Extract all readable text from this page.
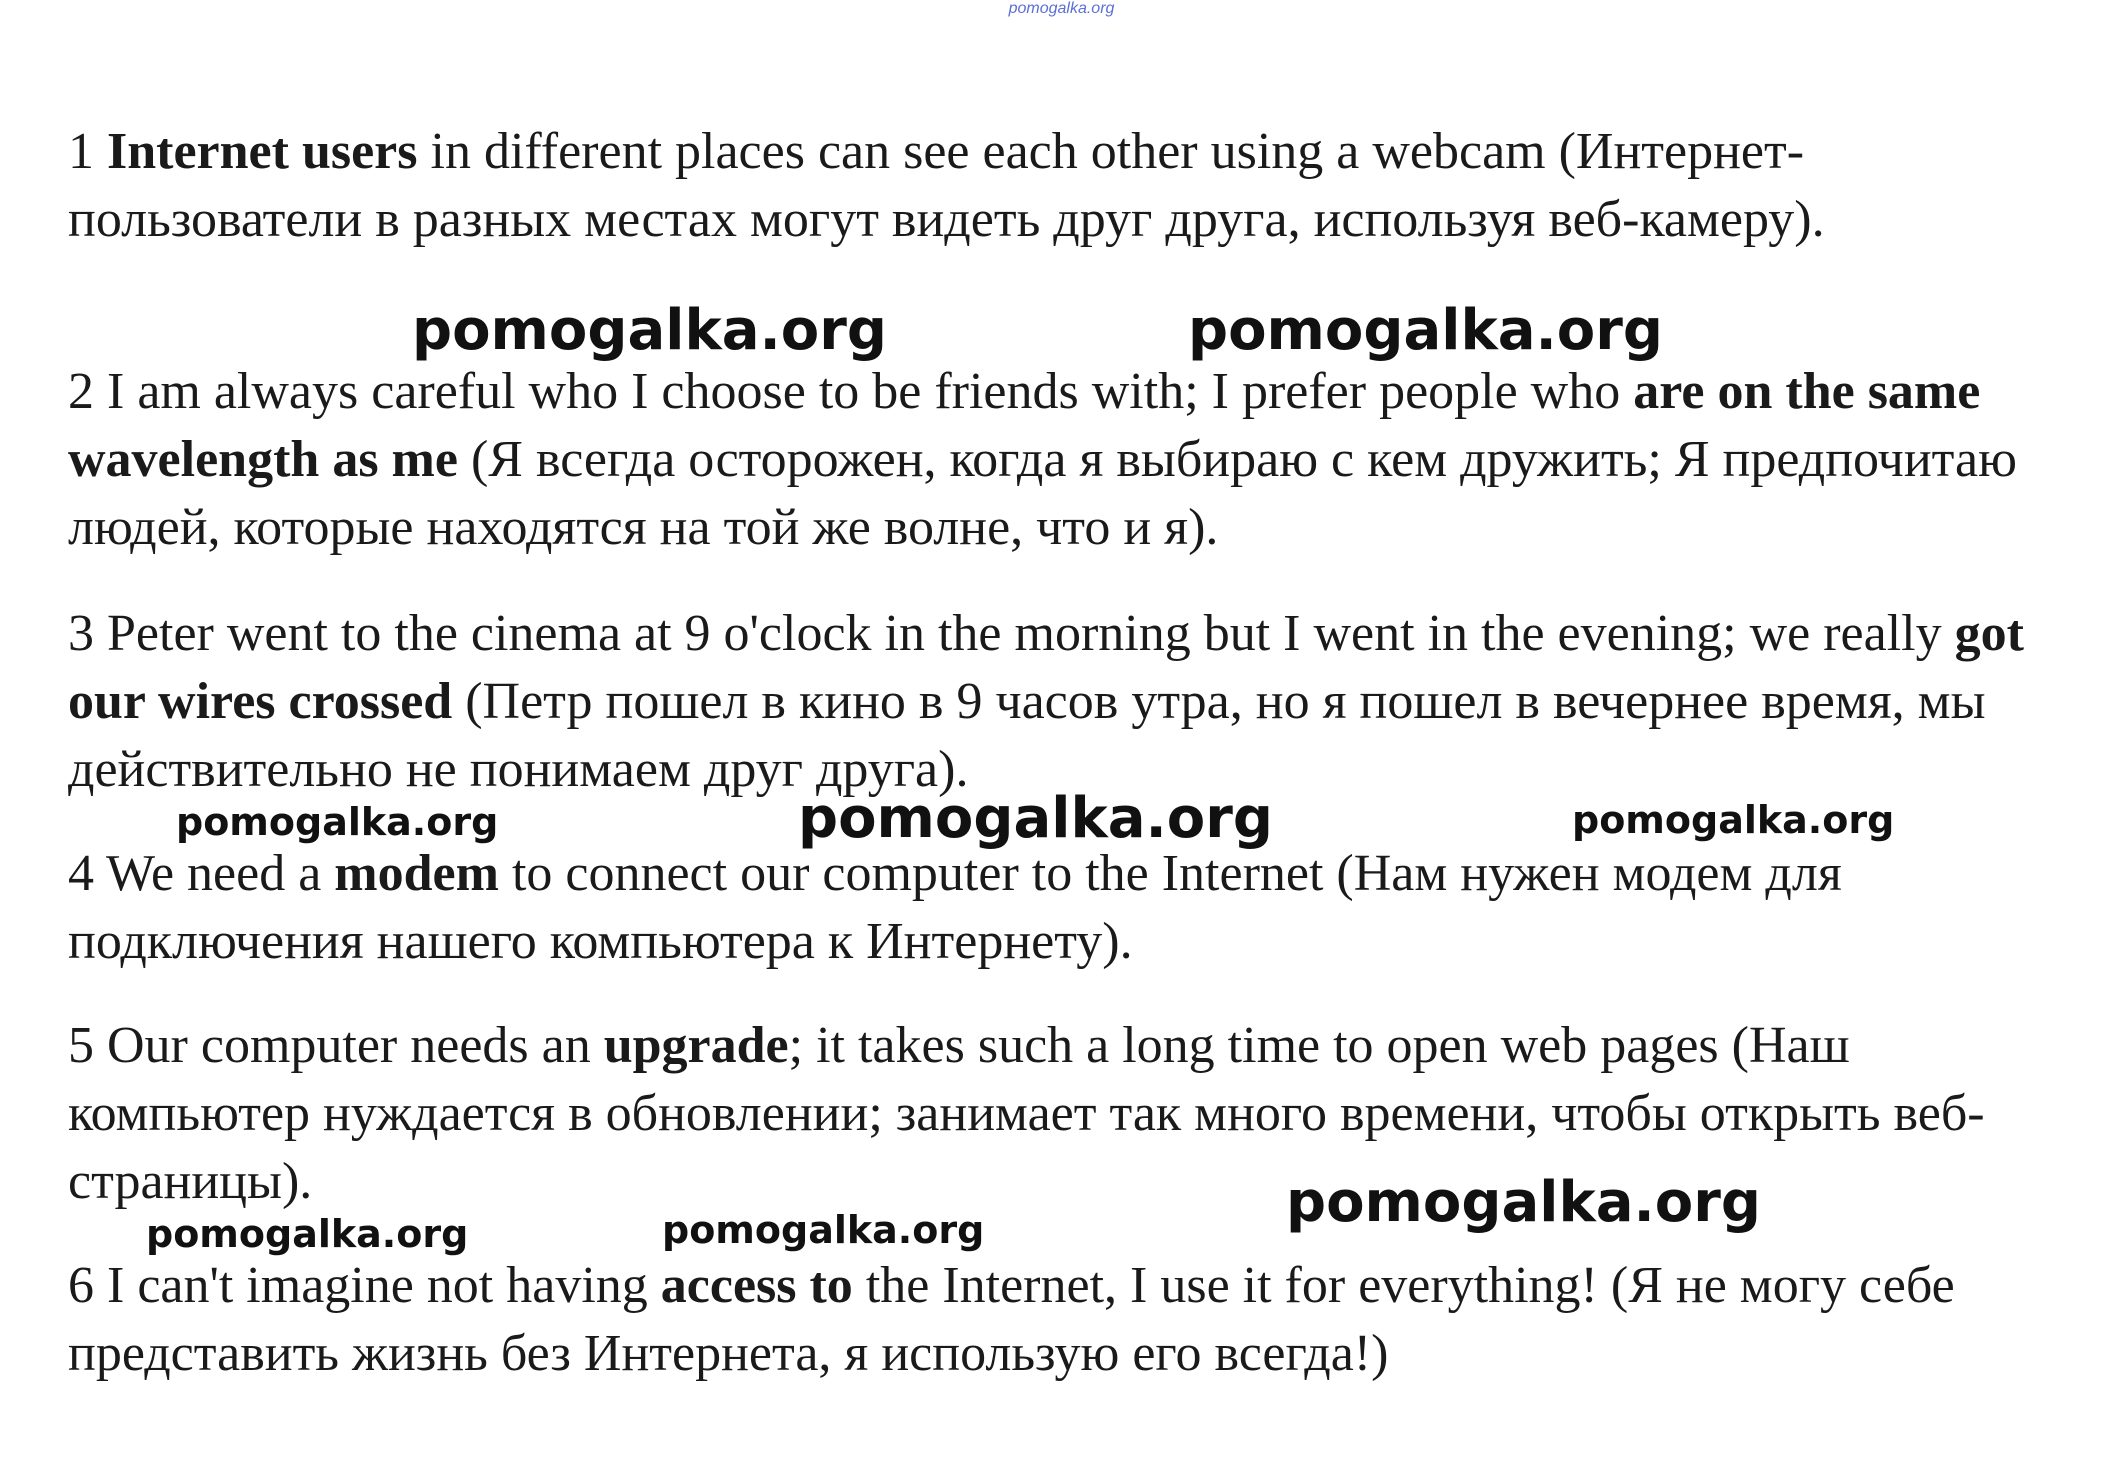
pomogalka.org

1 Internet users in different places can see each other using a webcam (Интернет-пользователи в разных местах могут видеть друг друга, используя веб-камеру).

2 I am always careful who I choose to be friends with; I prefer people who are on the same wavelength as me (Я всегда осторожен, когда я выбираю с кем дружить; Я предпочитаю людей, которые находятся на той же волне, что и я).

3 Peter went to the cinema at 9 o'clock in the morning but I went in the evening; we really got our wires crossed (Петр пошел в кино в 9 часов утра, но я пошел в вечернее время, мы действительно не понимаем друг друга).

4 We need a modem to connect our computer to the Internet (Нам нужен модем для подключения нашего компьютера к Интернету).

5 Our computer needs an upgrade; it takes such a long time to open web pages (Наш компьютер нуждается в обновлении; занимает так много времени, чтобы открыть веб-страницы).

6 I can't imagine not having access to the Internet, I use it for everything! (Я не могу себе представить жизнь без Интернета, я использую его всегда!)

pomogalka.org	pomogalka.org
pomogalka.org	pomogalka.org	pomogalka.org
pomogalka.org
pomogalka.org	pomogalka.org
